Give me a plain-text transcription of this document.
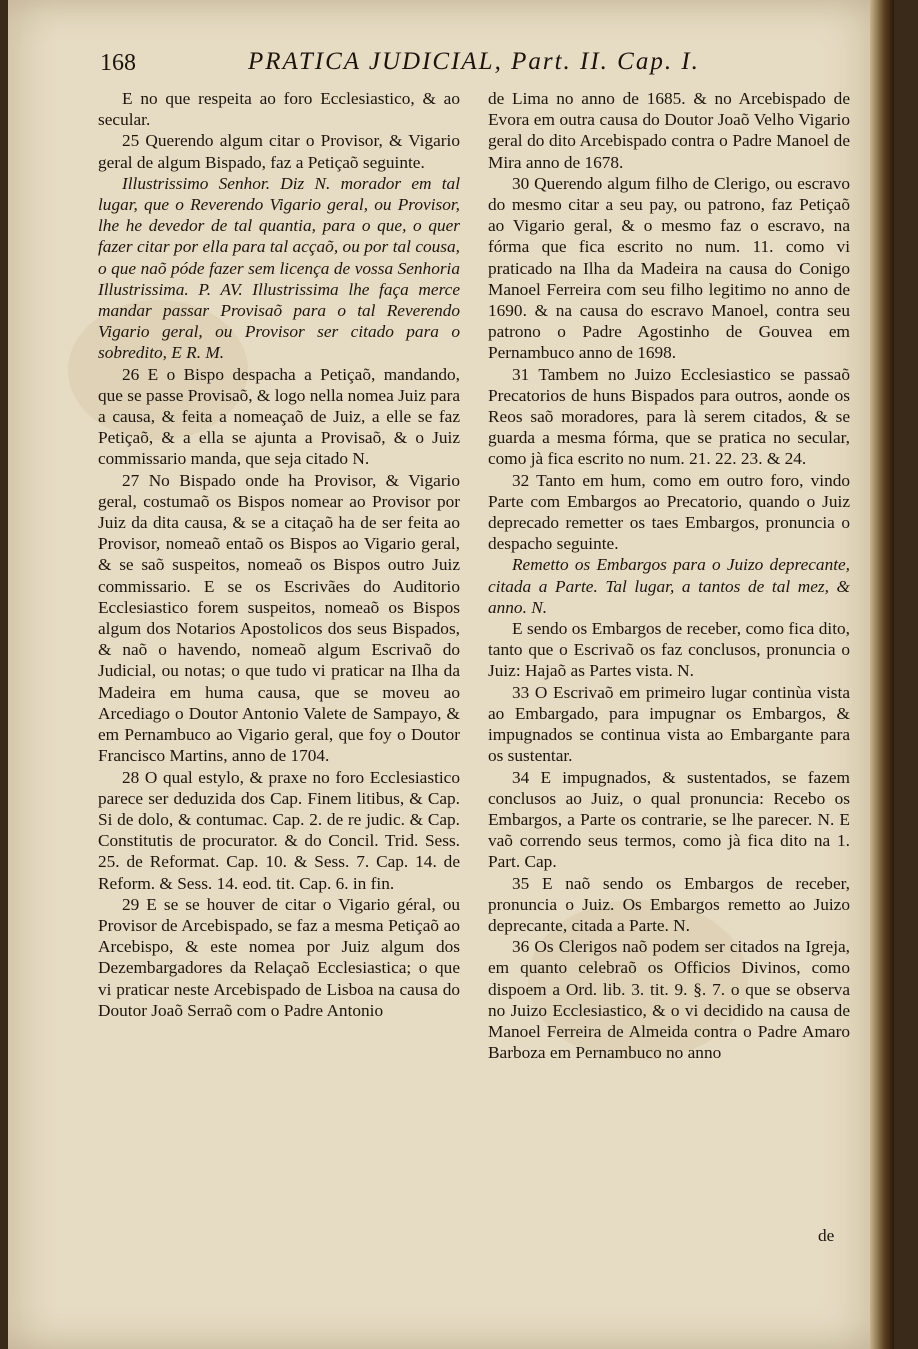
168	PRATICA JUDICIAL, Part. II. Cap. I.

E no que respeita ao foro Ecclesiastico, & ao secular.

25 Querendo algum citar o Provisor, & Vigario geral de algum Bispado, faz a Petiçaõ seguinte.

Illustrissimo Senhor. Diz N. morador em tal lugar, que o Reverendo Vigario geral, ou Provisor, lhe he devedor de tal quantia, para o que, o quer fazer citar por ella para tal acçaõ, ou por tal cousa, o que naõ póde fazer sem licença de vossa Senhoria Illustrissima. P. AV. Illustrissima lhe faça merce mandar passar Provisaõ para o tal Reverendo Vigario geral, ou Provisor ser citado para o sobredito, E R. M.

26 E o Bispo despacha a Petiçaõ, mandando, que se passe Provisaõ, & logo nella nomea Juiz para a causa, & feita a nomeaçaõ de Juiz, a elle se faz Petiçaõ, & a ella se ajunta a Provisaõ, & o Juiz commissario manda, que seja citado N.

27 No Bispado onde ha Provisor, & Vigario geral, costumaõ os Bispos nomear ao Provisor por Juiz da dita causa, & se a citaçaõ ha de ser feita ao Provisor, nomeaõ entaõ os Bispos ao Vigario geral, & se saõ suspeitos, nomeaõ os Bispos outro Juiz commissario. E se os Escrivães do Auditorio Ecclesiastico forem suspeitos, nomeaõ os Bispos algum dos Notarios Apostolicos dos seus Bispados, & naõ o havendo, nomeaõ algum Escrivaõ do Judicial, ou notas; o que tudo vi praticar na Ilha da Madeira em huma causa, que se moveu ao Arcediago o Doutor Antonio Valete de Sampayo, & em Pernambuco ao Vigario geral, que foy o Doutor Francisco Martins, anno de 1704.

28 O qual estylo, & praxe no foro Ecclesiastico parece ser deduzida dos Cap. Finem litibus, & Cap. Si de dolo, & contumac. Cap. 2. de re judic. & Cap. Constitutis de procurator. & do Concil. Trid. Sess. 25. de Reformat. Cap. 10. & Sess. 7. Cap. 14. de Reform. & Sess. 14. eod. tit. Cap. 6. in fin.

29 E se se houver de citar o Vigario géral, ou Provisor de Arcebispado, se faz a mesma Petiçaõ ao Arcebispo, & este nomea por Juiz algum dos Dezembargadores da Relaçaõ Ecclesiastica; o que vi praticar neste Arcebispado de Lisboa na causa do Doutor Joaõ Serraõ com o Padre Antonio

de Lima no anno de 1685. & no Arcebispado de Evora em outra causa do Doutor Joaõ Velho Vigario geral do dito Arcebispado contra o Padre Manoel de Mira anno de 1678.

30 Querendo algum filho de Clerigo, ou escravo do mesmo citar a seu pay, ou patrono, faz Petiçaõ ao Vigario geral, & o mesmo faz o escravo, na fórma que fica escrito no num. 11. como vi praticado na Ilha da Madeira na causa do Conigo Manoel Ferreira com seu filho legitimo no anno de 1690. & na causa do escravo Manoel, contra seu patrono o Padre Agostinho de Gouvea em Pernambuco anno de 1698.

31 Tambem no Juizo Ecclesiastico se passaõ Precatorios de huns Bispados para outros, aonde os Reos saõ moradores, para là serem citados, & se guarda a mesma fórma, que se pratica no secular, como jà fica escrito no num. 21. 22. 23. & 24.

32 Tanto em hum, como em outro foro, vindo Parte com Embargos ao Precatorio, quando o Juiz deprecado remetter os taes Embargos, pronuncia o despacho seguinte.

Remetto os Embargos para o Juizo deprecante, citada a Parte. Tal lugar, a tantos de tal mez, & anno. N.

E sendo os Embargos de receber, como fica dito, tanto que o Escrivaõ os faz conclusos, pronuncia o Juiz: Hajaõ as Partes vista. N.

33 O Escrivaõ em primeiro lugar continùa vista ao Embargado, para impugnar os Embargos, & impugnados se continua vista ao Embargante para os sustentar.

34 E impugnados, & sustentados, se fazem conclusos ao Juiz, o qual pronuncia: Recebo os Embargos, a Parte os contrarie, se lhe parecer. N. E vaõ correndo seus termos, como jà fica dito na 1. Part. Cap.

35 E naõ sendo os Embargos de receber, pronuncia o Juiz. Os Embargos remetto ao Juizo deprecante, citada a Parte. N.

36 Os Clerigos naõ podem ser citados na Igreja, em quanto celebraõ os Officios Divinos, como dispoem a Ord. lib. 3. tit. 9. §. 7. o que se observa no Juizo Ecclesiastico, & o vi decidido na causa de Manoel Ferreira de Almeida contra o Padre Amaro Barboza em Pernambuco no anno

de
